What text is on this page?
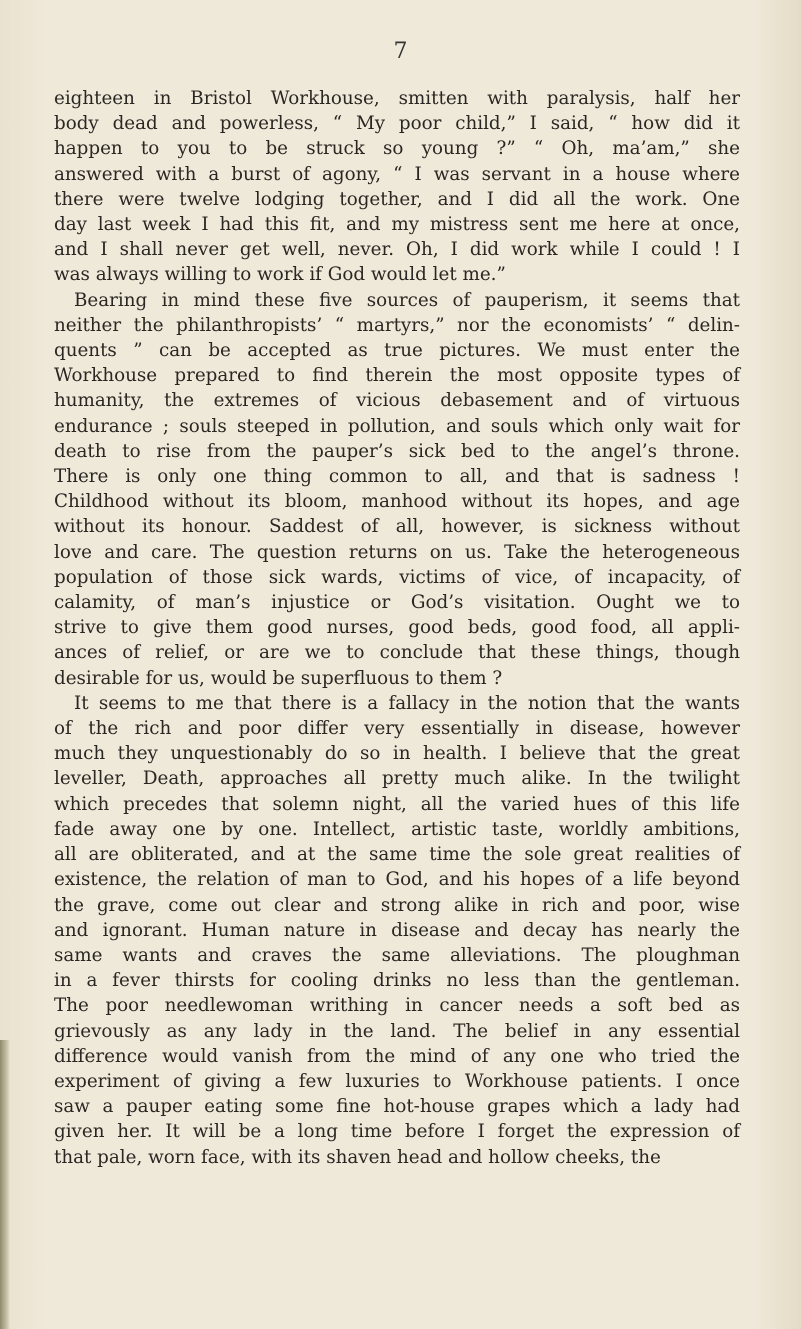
7
eighteen in Bristol Workhouse, smitten with paralysis, half her
body dead and powerless, “ My poor child,” I said, “ how did it
happen to you to be struck so young ?” “ Oh, ma’am,” she
answered with a burst of agony, “ I was servant in a house where
there were twelve lodging together, and I did all the work. One
day last week I had this fit, and my mistress sent me here at once,
and I shall never get well, never. Oh, I did work while I could ! I
was always willing to work if God would let me.”
Bearing in mind these five sources of pauperism, it seems that
neither the philanthropists’ “ martyrs,” nor the economists’ “ delin-
quents ” can be accepted as true pictures. We must enter the
Workhouse prepared to find therein the most opposite types of
humanity, the extremes of vicious debasement and of virtuous
endurance ; souls steeped in pollution, and souls which only wait for
death to rise from the pauper’s sick bed to the angel’s throne.
There is only one thing common to all, and that is sadness !
Childhood without its bloom, manhood without its hopes, and age
without its honour. Saddest of all, however, is sickness without
love and care. The question returns on us. Take the heterogeneous
population of those sick wards, victims of vice, of incapacity, of
calamity, of man’s injustice or God’s visitation. Ought we to
strive to give them good nurses, good beds, good food, all appli-
ances of relief, or are we to conclude that these things, though
desirable for us, would be superfluous to them ?
It seems to me that there is a fallacy in the notion that the wants
of the rich and poor differ very essentially in disease, however
much they unquestionably do so in health. I believe that the great
leveller, Death, approaches all pretty much alike. In the twilight
which precedes that solemn night, all the varied hues of this life
fade away one by one. Intellect, artistic taste, worldly ambitions,
all are obliterated, and at the same time the sole great realities of
existence, the relation of man to God, and his hopes of a life beyond
the grave, come out clear and strong alike in rich and poor, wise
and ignorant. Human nature in disease and decay has nearly the
same wants and craves the same alleviations. The ploughman
in a fever thirsts for cooling drinks no less than the gentleman.
The poor needlewoman writhing in cancer needs a soft bed as
grievously as any lady in the land. The belief in any essential
difference would vanish from the mind of any one who tried the
experiment of giving a few luxuries to Workhouse patients. I once
saw a pauper eating some fine hot-house grapes which a lady had
given her. It will be a long time before I forget the expression of
that pale, worn face, with its shaven head and hollow cheeks, the
